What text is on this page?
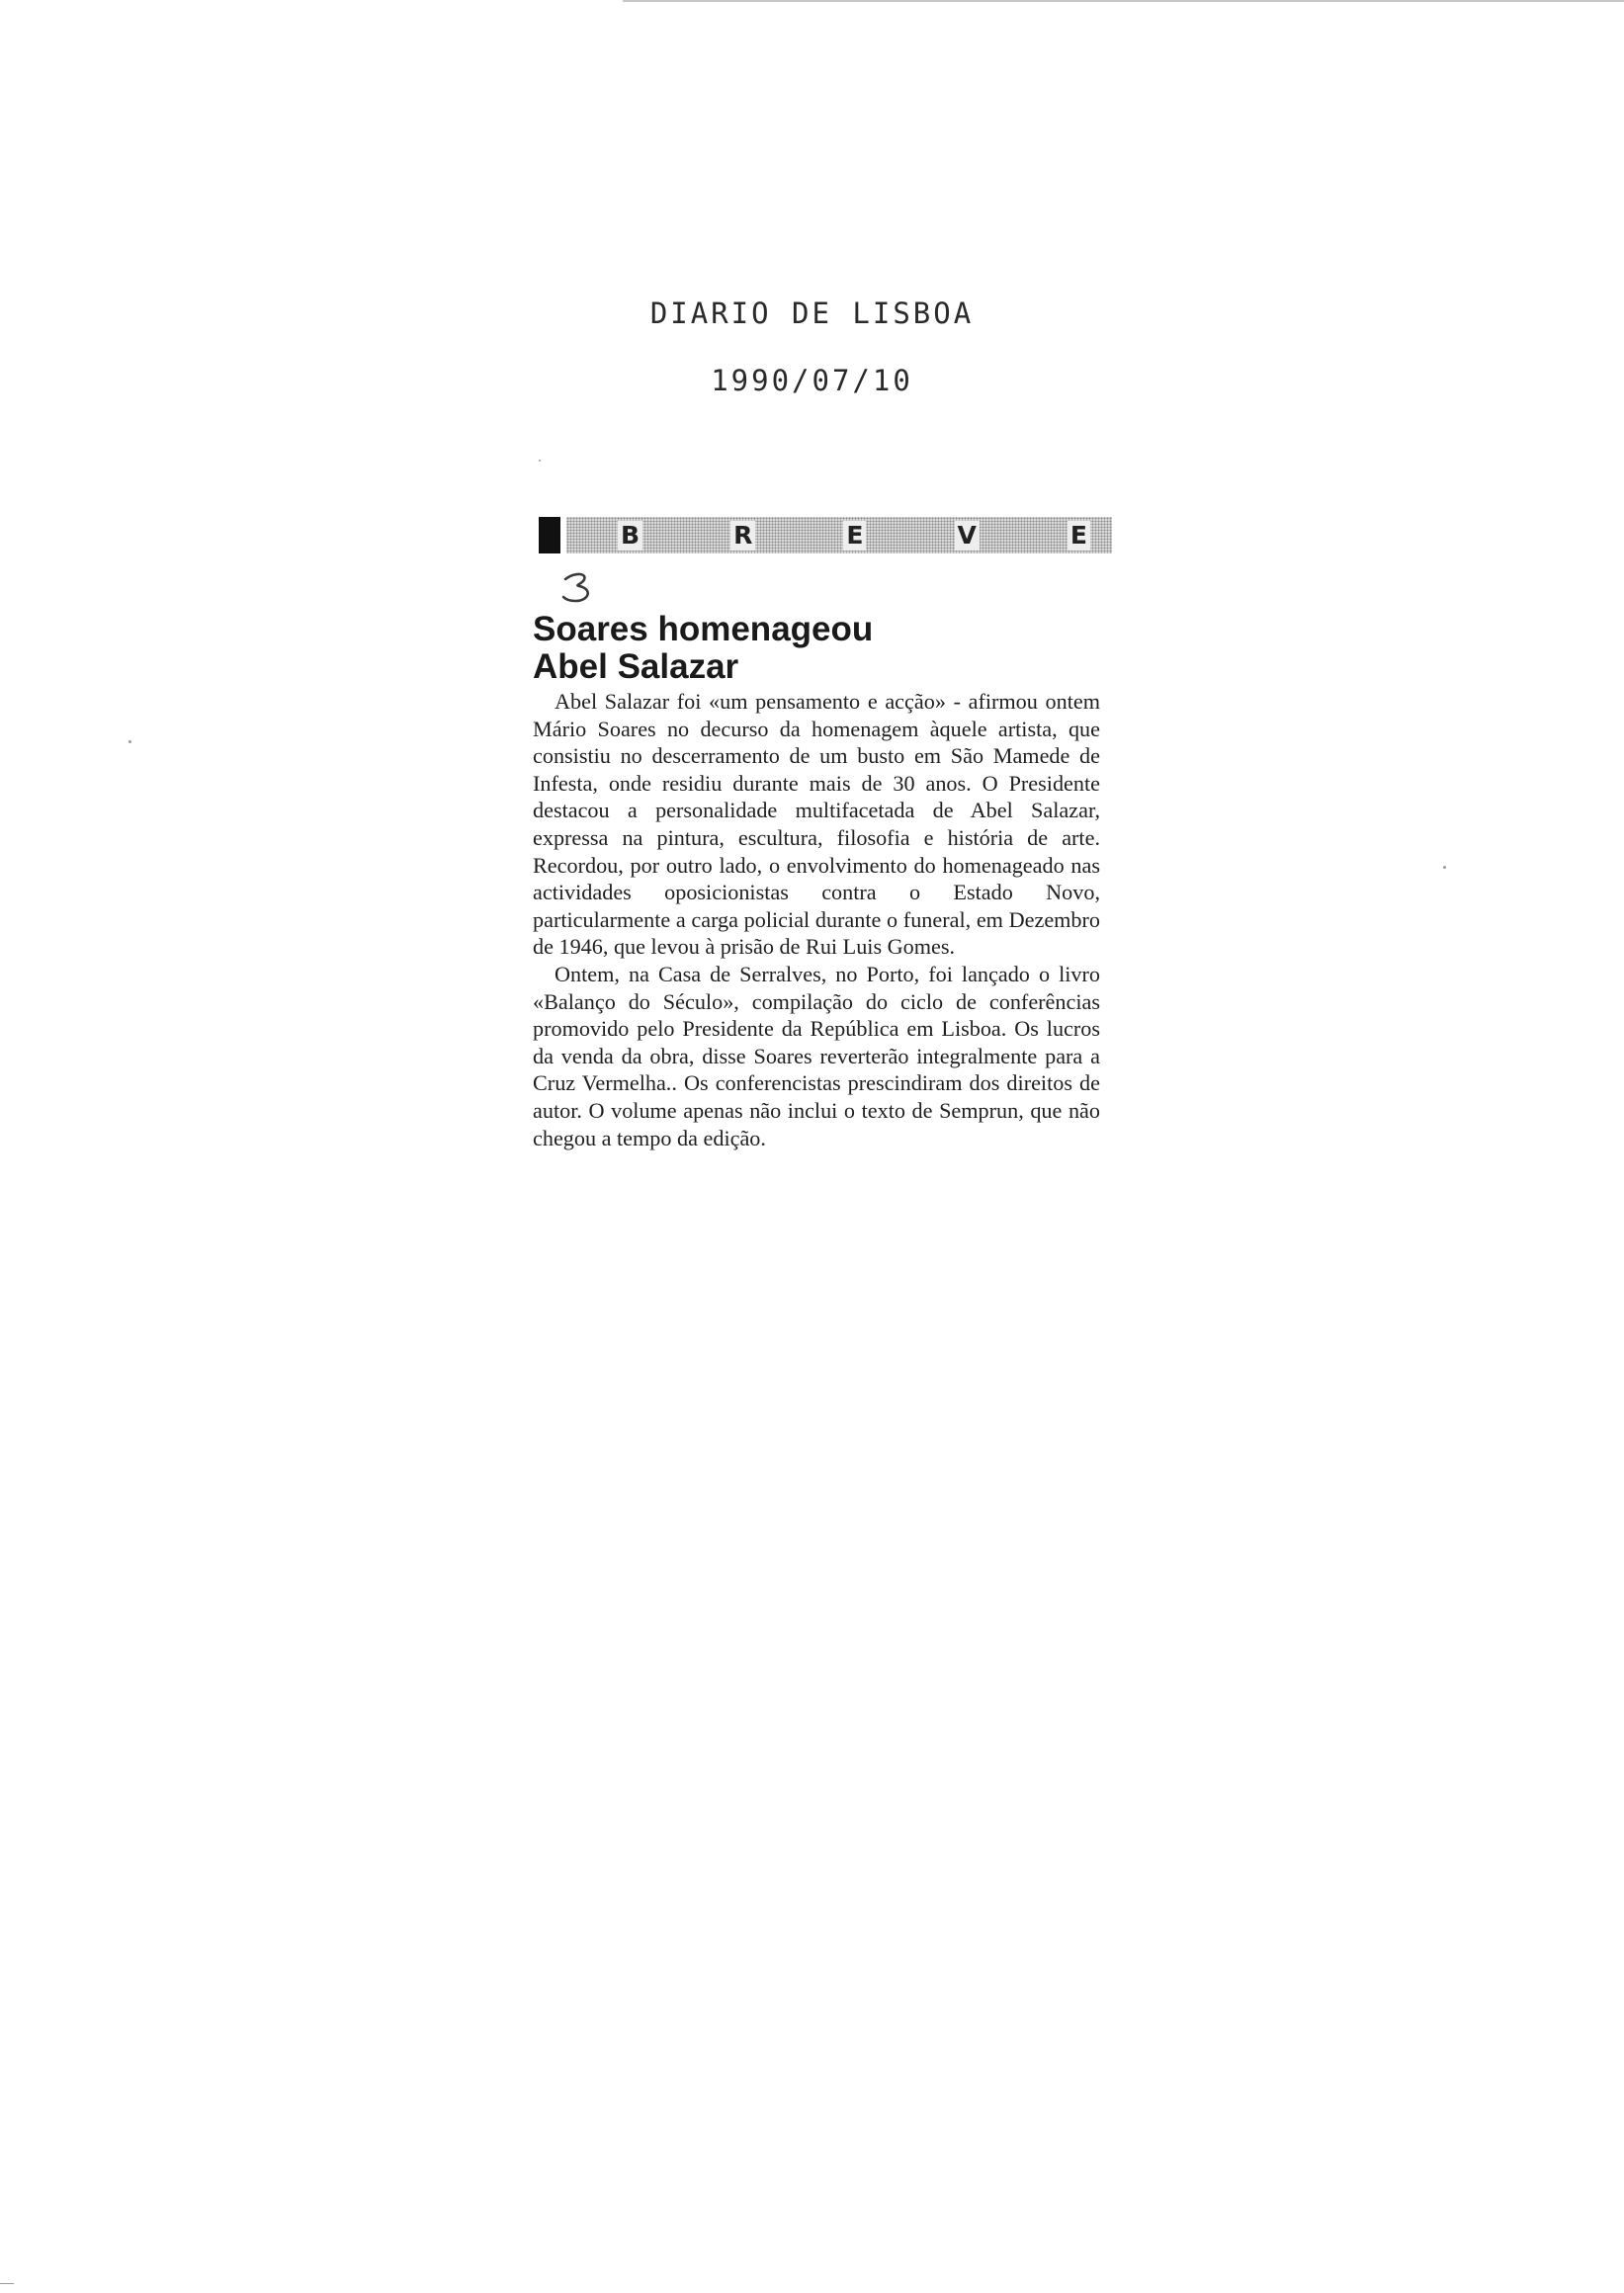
DIARIO DE LISBOA
1990/07/10
B	R	E	V	E
Soares homenageou
Abel Salazar

Abel Salazar foi «um pensamento e acção» - afirmou ontem Mário Soares no decurso da homenagem àquele artista, que consistiu no descerramento de um busto em São Mamede de Infesta, onde residiu durante mais de 30 anos. O Presidente destacou a personalidade multifacetada de Abel Salazar, expressa na pintura, escultura, filosofia e história de arte. Recordou, por outro lado, o envolvimento do homenageado nas actividades oposicionistas contra o Estado Novo, particularmente a carga policial durante o funeral, em Dezembro de 1946, que levou à prisão de Rui Luis Gomes.

Ontem, na Casa de Serralves, no Porto, foi lançado o livro «Balanço do Século», compilação do ciclo de conferências promovido pelo Presidente da República em Lisboa. Os lucros da venda da obra, disse Soares reverterão integralmente para a Cruz Vermelha.. Os conferencistas prescindiram dos direitos de autor. O volume apenas não inclui o texto de Semprun, que não chegou a tempo da edição.
